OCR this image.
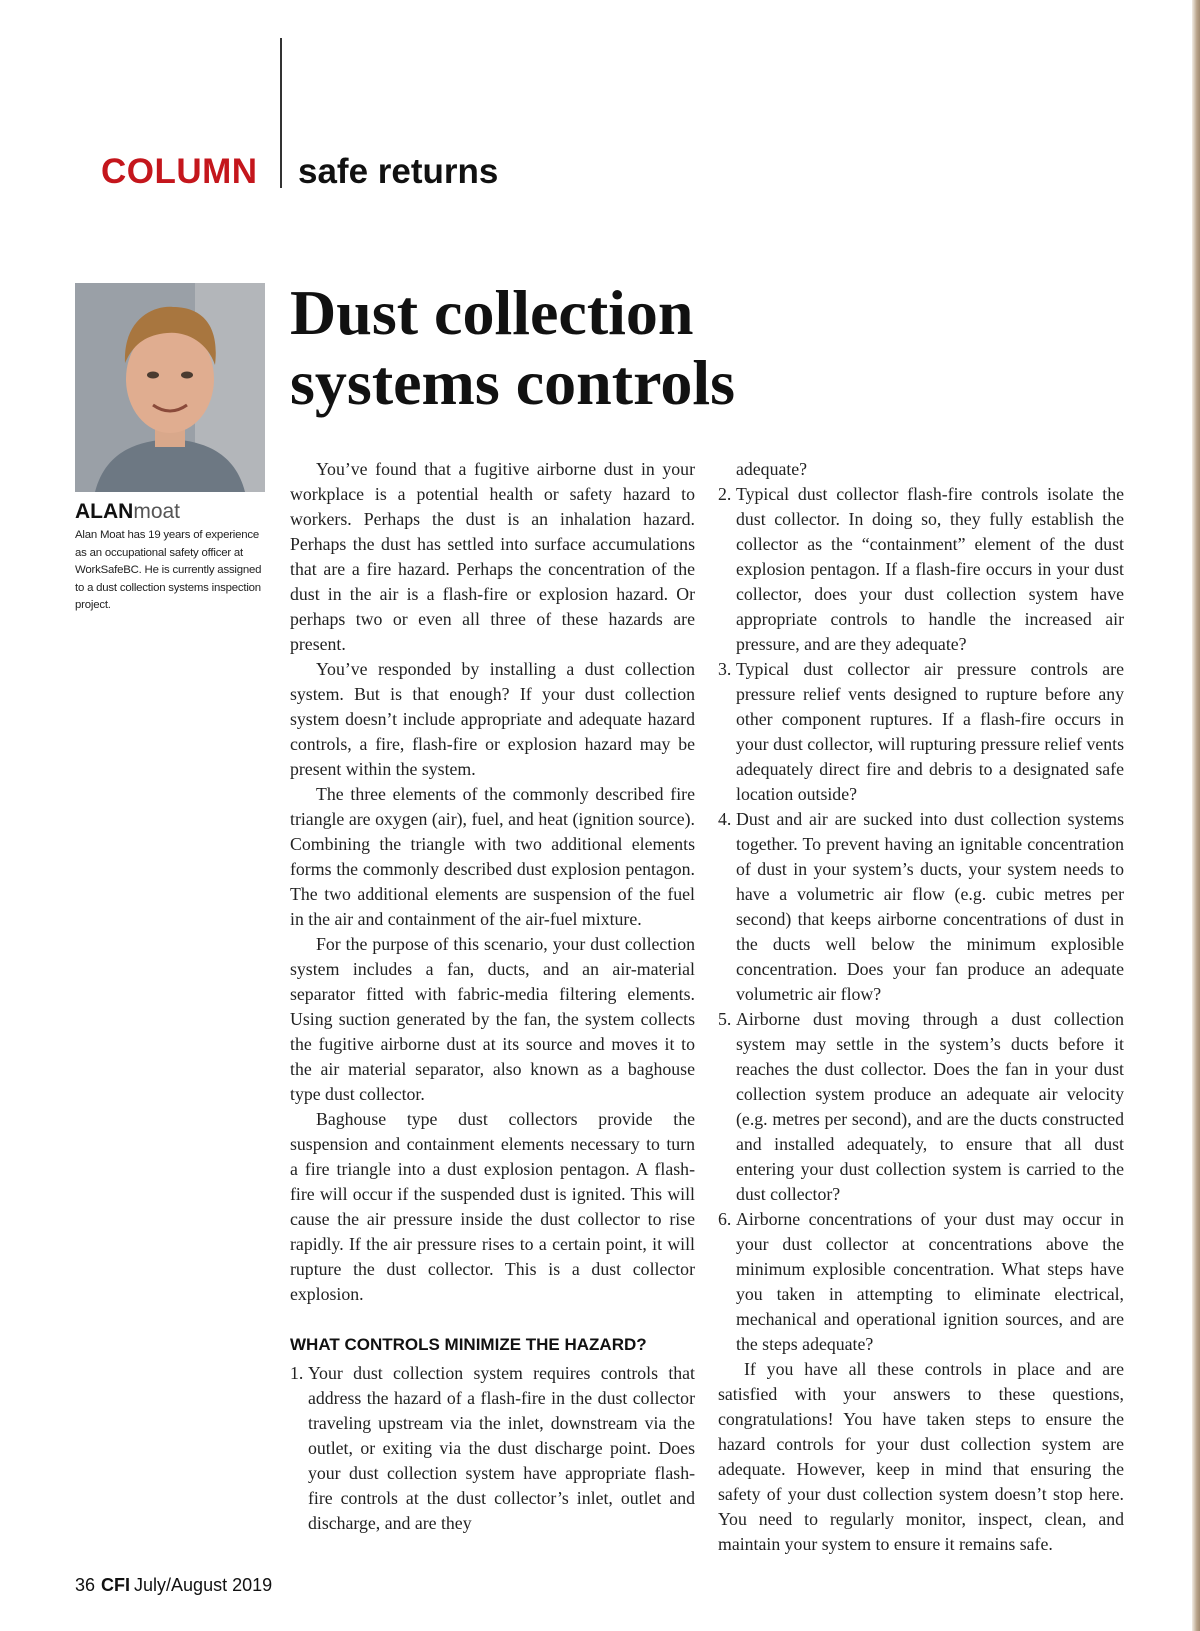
COLUMN safe returns
ALANmoat
Alan Moat has 19 years of experience as an occupational safety officer at WorkSafeBC. He is currently assigned to a dust collection systems inspection project.
Dust collection
systems controls

You’ve found that a fugitive airborne dust in your workplace is a potential health or safety hazard to workers. Perhaps the dust is an inhalation hazard. Perhaps the dust has settled into surface accumulations that are a fire hazard. Perhaps the concentration of the dust in the air is a flash-fire or explosion hazard. Or perhaps two or even all three of these hazards are present.

You’ve responded by installing a dust collection system. But is that enough? If your dust collection system doesn’t include appropriate and adequate hazard controls, a fire, flash-fire or explosion hazard may be present within the system.

The three elements of the commonly described fire triangle are oxygen (air), fuel, and heat (ignition source). Combining the triangle with two additional elements forms the commonly described dust explosion pentagon. The two additional elements are suspension of the fuel in the air and containment of the air-fuel mixture.

For the purpose of this scenario, your dust collection system includes a fan, ducts, and an air-material separator fitted with fabric-media filtering elements. Using suction generated by the fan, the system collects the fugitive airborne dust at its source and moves it to the air material separator, also known as a baghouse type dust collector.

Baghouse type dust collectors provide the suspension and containment elements necessary to turn a fire triangle into a dust explosion pentagon. A flash-fire will occur if the suspended dust is ignited. This will cause the air pressure inside the dust collector to rise rapidly. If the air pressure rises to a certain point, it will rupture the dust collector. This is a dust collector explosion.

WHAT CONTROLS MINIMIZE THE HAZARD?
1. Your dust collection system requires controls that address the hazard of a flash-fire in the dust collector traveling upstream via the inlet, downstream via the outlet, or exiting via the dust discharge point. Does your dust collection system have appropriate flash-fire controls at the dust collector’s inlet, outlet and discharge, and are they

adequate?

2. Typical dust collector flash-fire controls isolate the dust collector. In doing so, they fully establish the collector as the “containment” element of the dust explosion pentagon. If a flash-fire occurs in your dust collector, does your dust collection system have appropriate controls to handle the increased air pressure, and are they adequate?
3. Typical dust collector air pressure controls are pressure relief vents designed to rupture before any other component ruptures. If a flash-fire occurs in your dust collector, will rupturing pressure relief vents adequately direct fire and debris to a designated safe location outside?
4. Dust and air are sucked into dust collection systems together. To prevent having an ignitable concentration of dust in your system’s ducts, your system needs to have a volumetric air flow (e.g. cubic metres per second) that keeps airborne concentrations of dust in the ducts well below the minimum explosible concentration. Does your fan produce an adequate volumetric air flow?
5. Airborne dust moving through a dust collection system may settle in the system’s ducts before it reaches the dust collector. Does the fan in your dust collection system produce an adequate air velocity (e.g. metres per second), and are the ducts constructed and installed adequately, to ensure that all dust entering your dust collection system is carried to the dust collector?
6. Airborne concentrations of your dust may occur in your dust collector at concentrations above the minimum explosible concentration. What steps have you taken in attempting to eliminate electrical, mechanical and operational ignition sources, and are the steps adequate?

If you have all these controls in place and are satisfied with your answers to these questions, congratulations! You have taken steps to ensure the hazard controls for your dust collection system are adequate. However, keep in mind that ensuring the safety of your dust collection system doesn’t stop here. You need to regularly monitor, inspect, clean, and maintain your system to ensure it remains safe.

36 CFI July/August 2019
